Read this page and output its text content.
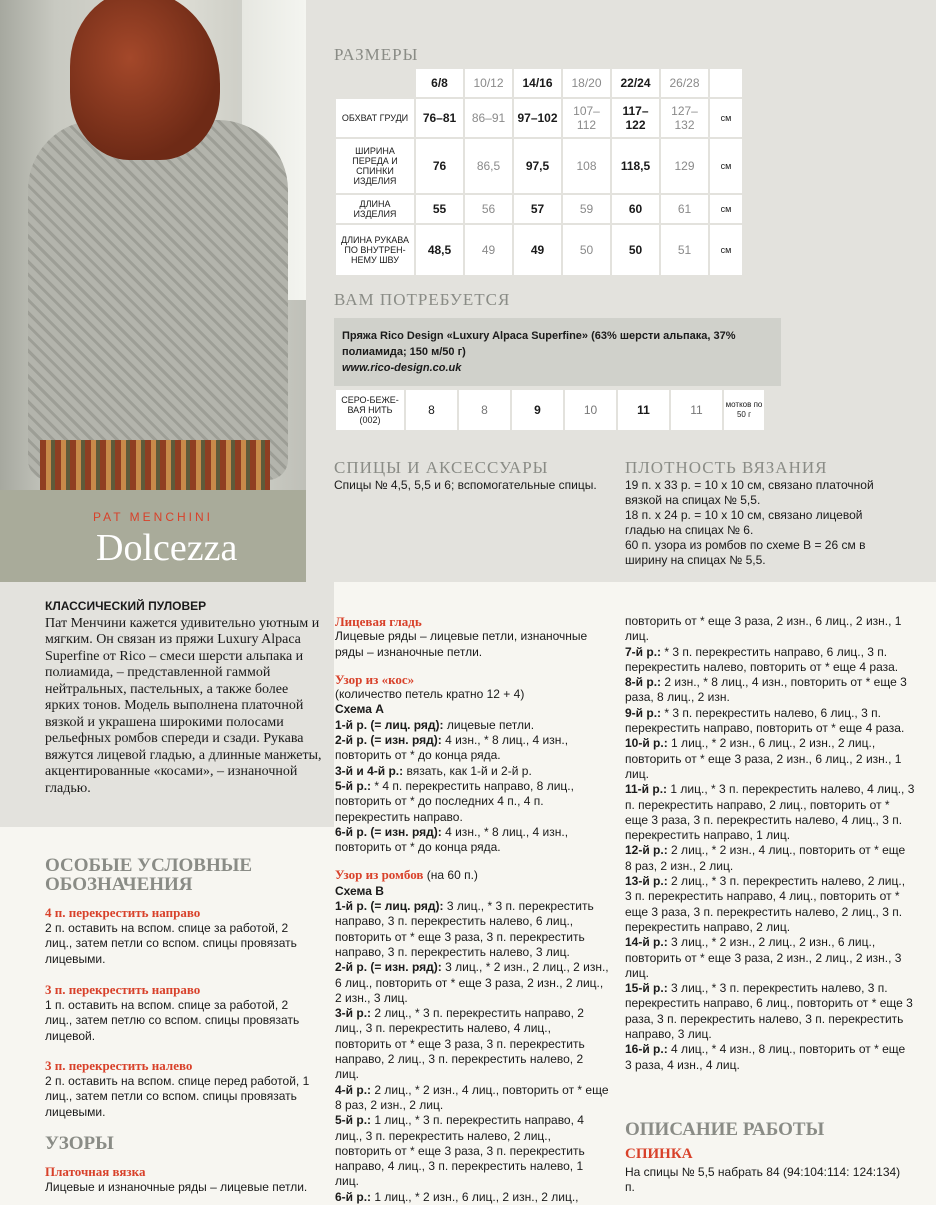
PAT MENCHINI
Dolcezza
РАЗМЕРЫ
	6/8	10/12	14/16	18/20	22/24	26/28	
ОБХВАТ ГРУДИ	76–81	86–91	97–102	107–112	117–122	127–132	см
ШИРИНА ПЕРЕДА И СПИНКИ ИЗДЕЛИЯ	76	86,5	97,5	108	118,5	129	см
ДЛИНА ИЗДЕЛИЯ	55	56	57	59	60	61	см
ДЛИНА РУКАВА ПО ВНУТРЕН-НЕМУ ШВУ	48,5	49	49	50	50	51	см
ВАМ ПОТРЕБУЕТСЯ
Пряжа Rico Design «Luxury Alpaca Superfine» (63% шерсти альпака, 37%
полиамида; 150 м/50 г)
www.rico-design.co.uk
СЕРО-БЕЖЕ-ВАЯ НИТЬ (002)	8	8	9	10	11	11	мотков по 50 г
СПИЦЫ И АКСЕССУАРЫ
Спицы № 4,5, 5,5 и 6; вспомогательные спицы.
ПЛОТНОСТЬ ВЯЗАНИЯ
19 п. х 33 р. = 10 х 10 см, связано платочной вязкой на спицах № 5,5.
18 п. х 24 р. = 10 х 10 см, связано лицевой гладью на спицах № 6.
60 п. узора из ромбов по схеме В = 26 см в ширину на спицах № 5,5.
КЛАССИЧЕСКИЙ ПУЛОВЕР
Пат Менчини кажется удивительно уютным и мягким. Он связан из пряжи Luxury Alpaca Superfine от Rico – смеси шерсти альпака и полиамида, – представленной гаммой нейтральных, пастельных, а также более ярких тонов. Модель выполнена платочной вязкой и украшена широкими полосами рельефных ромбов спереди и сзади. Рукава вяжутся лицевой гладью, а длинные манжеты, акцентированные «косами», – изнаночной гладью.
ОСОБЫЕ УСЛОВНЫЕ
ОБОЗНАЧЕНИЯ
4 п. перекрестить направо
2 п. оставить на вспом. спице за работой, 2 лиц., затем петли со вспом. спицы провязать лицевыми.
3 п. перекрестить направо
1 п. оставить на вспом. спице за работой, 2 лиц., затем петлю со вспом. спицы провязать лицевой.
3 п. перекрестить налево
2 п. оставить на вспом. спице перед работой, 1 лиц., затем петли со вспом. спицы провязать лицевыми.
УЗОРЫ
Платочная вязка
Лицевые и изнаночные ряды – лицевые петли.
Лицевая гладь
Лицевые ряды – лицевые петли, изнаночные ряды – изнаночные петли.
Узор из «кос»
(количество петель кратно 12 + 4)
Схема А
1-й р. (= лиц. ряд): лицевые петли.
2-й р. (= изн. ряд): 4 изн., * 8 лиц., 4 изн., повторить от * до конца ряда.
3-й и 4-й р.: вязать, как 1-й и 2-й р.
5-й р.: * 4 п. перекрестить направо, 8 лиц., повторить от * до последних 4 п., 4 п. перекрестить направо.
6-й р. (= изн. ряд): 4 изн., * 8 лиц., 4 изн., повторить от * до конца ряда.
Узор из ромбов (на 60 п.)
Схема В
1-й р. (= лиц. ряд): 3 лиц., * 3 п. перекрестить направо, 3 п. перекрестить налево, 6 лиц., повторить от * еще 3 раза, 3 п. перекрестить направо, 3 п. перекрестить налево, 3 лиц.
2-й р. (= изн. ряд): 3 лиц., * 2 изн., 2 лиц., 2 изн., 6 лиц., повторить от * еще 3 раза, 2 изн., 2 лиц., 2 изн., 3 лиц.
3-й р.: 2 лиц., * 3 п. перекрестить направо, 2 лиц., 3 п. перекрестить налево, 4 лиц., повторить от * еще 3 раза, 3 п. перекрестить направо, 2 лиц., 3 п. перекрестить налево, 2 лиц.
4-й р.: 2 лиц., * 2 изн., 4 лиц., повторить от * еще 8 раз, 2 изн., 2 лиц.
5-й р.: 1 лиц., * 3 п. перекрестить направо, 4 лиц., 3 п. перекрестить налево, 2 лиц., повторить от * еще 3 раза, 3 п. перекрестить направо, 4 лиц., 3 п. перекрестить налево, 1 лиц.
6-й р.: 1 лиц., * 2 изн., 6 лиц., 2 изн., 2 лиц.,
повторить от * еще 3 раза, 2 изн., 6 лиц., 2 изн., 1 лиц.
7-й р.: * 3 п. перекрестить направо, 6 лиц., 3 п. перекрестить налево, повторить от * еще 4 раза.
8-й р.: 2 изн., * 8 лиц., 4 изн., повторить от * еще 3 раза, 8 лиц., 2 изн.
9-й р.: * 3 п. перекрестить налево, 6 лиц., 3 п. перекрестить направо, повторить от * еще 4 раза.
10-й р.: 1 лиц., * 2 изн., 6 лиц., 2 изн., 2 лиц., повторить от * еще 3 раза, 2 изн., 6 лиц., 2 изн., 1 лиц.
11-й р.: 1 лиц., * 3 п. перекрестить налево, 4 лиц., 3 п. перекрестить направо, 2 лиц., повторить от * еще 3 раза, 3 п. перекрестить налево, 4 лиц., 3 п. перекрестить направо, 1 лиц.
12-й р.: 2 лиц., * 2 изн., 4 лиц., повторить от * еще 8 раз, 2 изн., 2 лиц.
13-й р.: 2 лиц., * 3 п. перекрестить налево, 2 лиц., 3 п. перекрестить направо, 4 лиц., повторить от * еще 3 раза, 3 п. перекрестить налево, 2 лиц., 3 п. перекрестить направо, 2 лиц.
14-й р.: 3 лиц., * 2 изн., 2 лиц., 2 изн., 6 лиц., повторить от * еще 3 раза, 2 изн., 2 лиц., 2 изн., 3 лиц.
15-й р.: 3 лиц., * 3 п. перекрестить налево, 3 п. перекрестить направо, 6 лиц., повторить от * еще 3 раза, 3 п. перекрестить налево, 3 п. перекрестить направо, 3 лиц.
16-й р.: 4 лиц., * 4 изн., 8 лиц., повторить от * еще 3 раза, 4 изн., 4 лиц.
ОПИСАНИЕ РАБОТЫ
СПИНКА
На спицы № 5,5 набрать 84 (94:104:114: 124:134) п.
